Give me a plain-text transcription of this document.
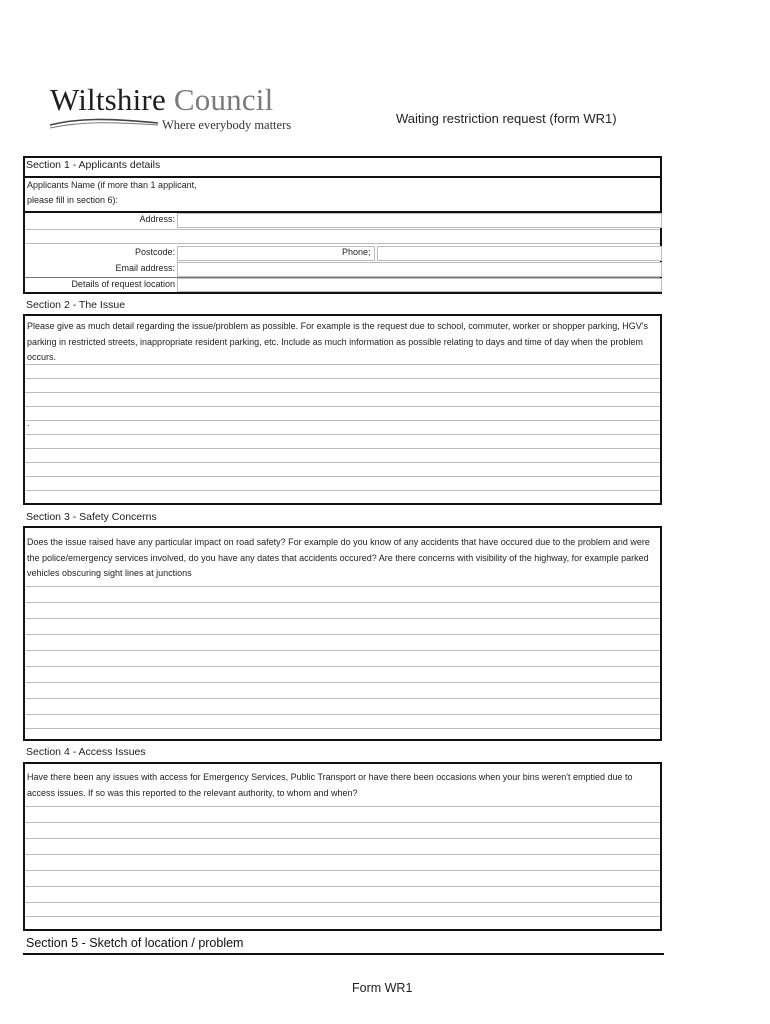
Wiltshire Council
Where everybody matters	Waiting restriction request (form WR1)
Section 1 - Applicants details
Applicants Name (if more than 1 applicant,
please fill in section 6):
Address:
Postcode:	Phone;
Email address:
Details of request location
Section 2 - The Issue
Please give as much detail regarding the issue/problem as possible. For example is the request due to school, commuter, worker or shopper parking, HGV's parking in restricted streets, inappropriate resident parking, etc. Include as much information as possible relating to days and time of day when the problem occurs.
.
Section 3 - Safety Concerns
Does the issue raised have any particular impact on road safety? For example do you know of any accidents that have occured due to the problem and were the police/emergency services involved, do you have any dates that accidents occured? Are there concerns with visibility of the highway, for example parked vehicles obscuring sight lines at junctions
Section 4 - Access Issues
Have there been any issues with access for Emergency Services, Public Transport or have there been occasions when your bins weren't emptied due to access issues. If so was this reported to the relevant authority, to whom and when?
Section 5 - Sketch of location / problem
Form WR1
